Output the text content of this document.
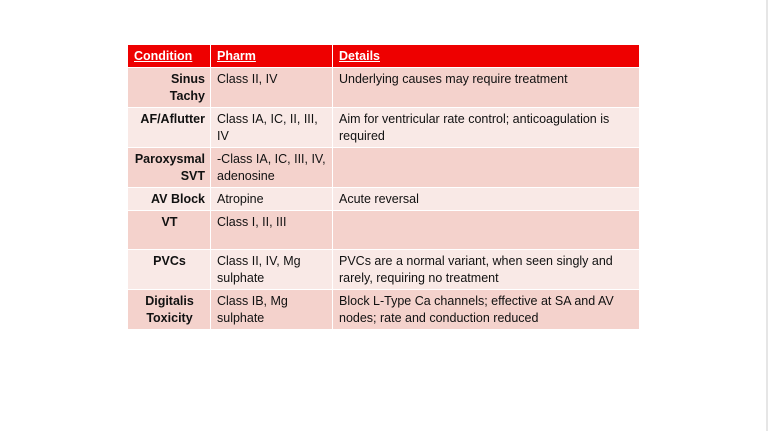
Condition	Pharm	Details
Sinus Tachy	Class II, IV	Underlying causes may require treatment
AF/Aflutter	Class IA, IC, II, III, IV	Aim for ventricular rate control; anticoagulation is required
Paroxysmal SVT	-Class IA, IC, III, IV, adenosine	
AV Block	Atropine	Acute reversal
VT	Class I, II, III	
PVCs	Class II, IV, Mg sulphate	PVCs are a normal variant, when seen singly and rarely, requiring no treatment
Digitalis Toxicity	Class IB, Mg sulphate	Block L-Type Ca channels; effective at SA and AV nodes; rate and conduction reduced
